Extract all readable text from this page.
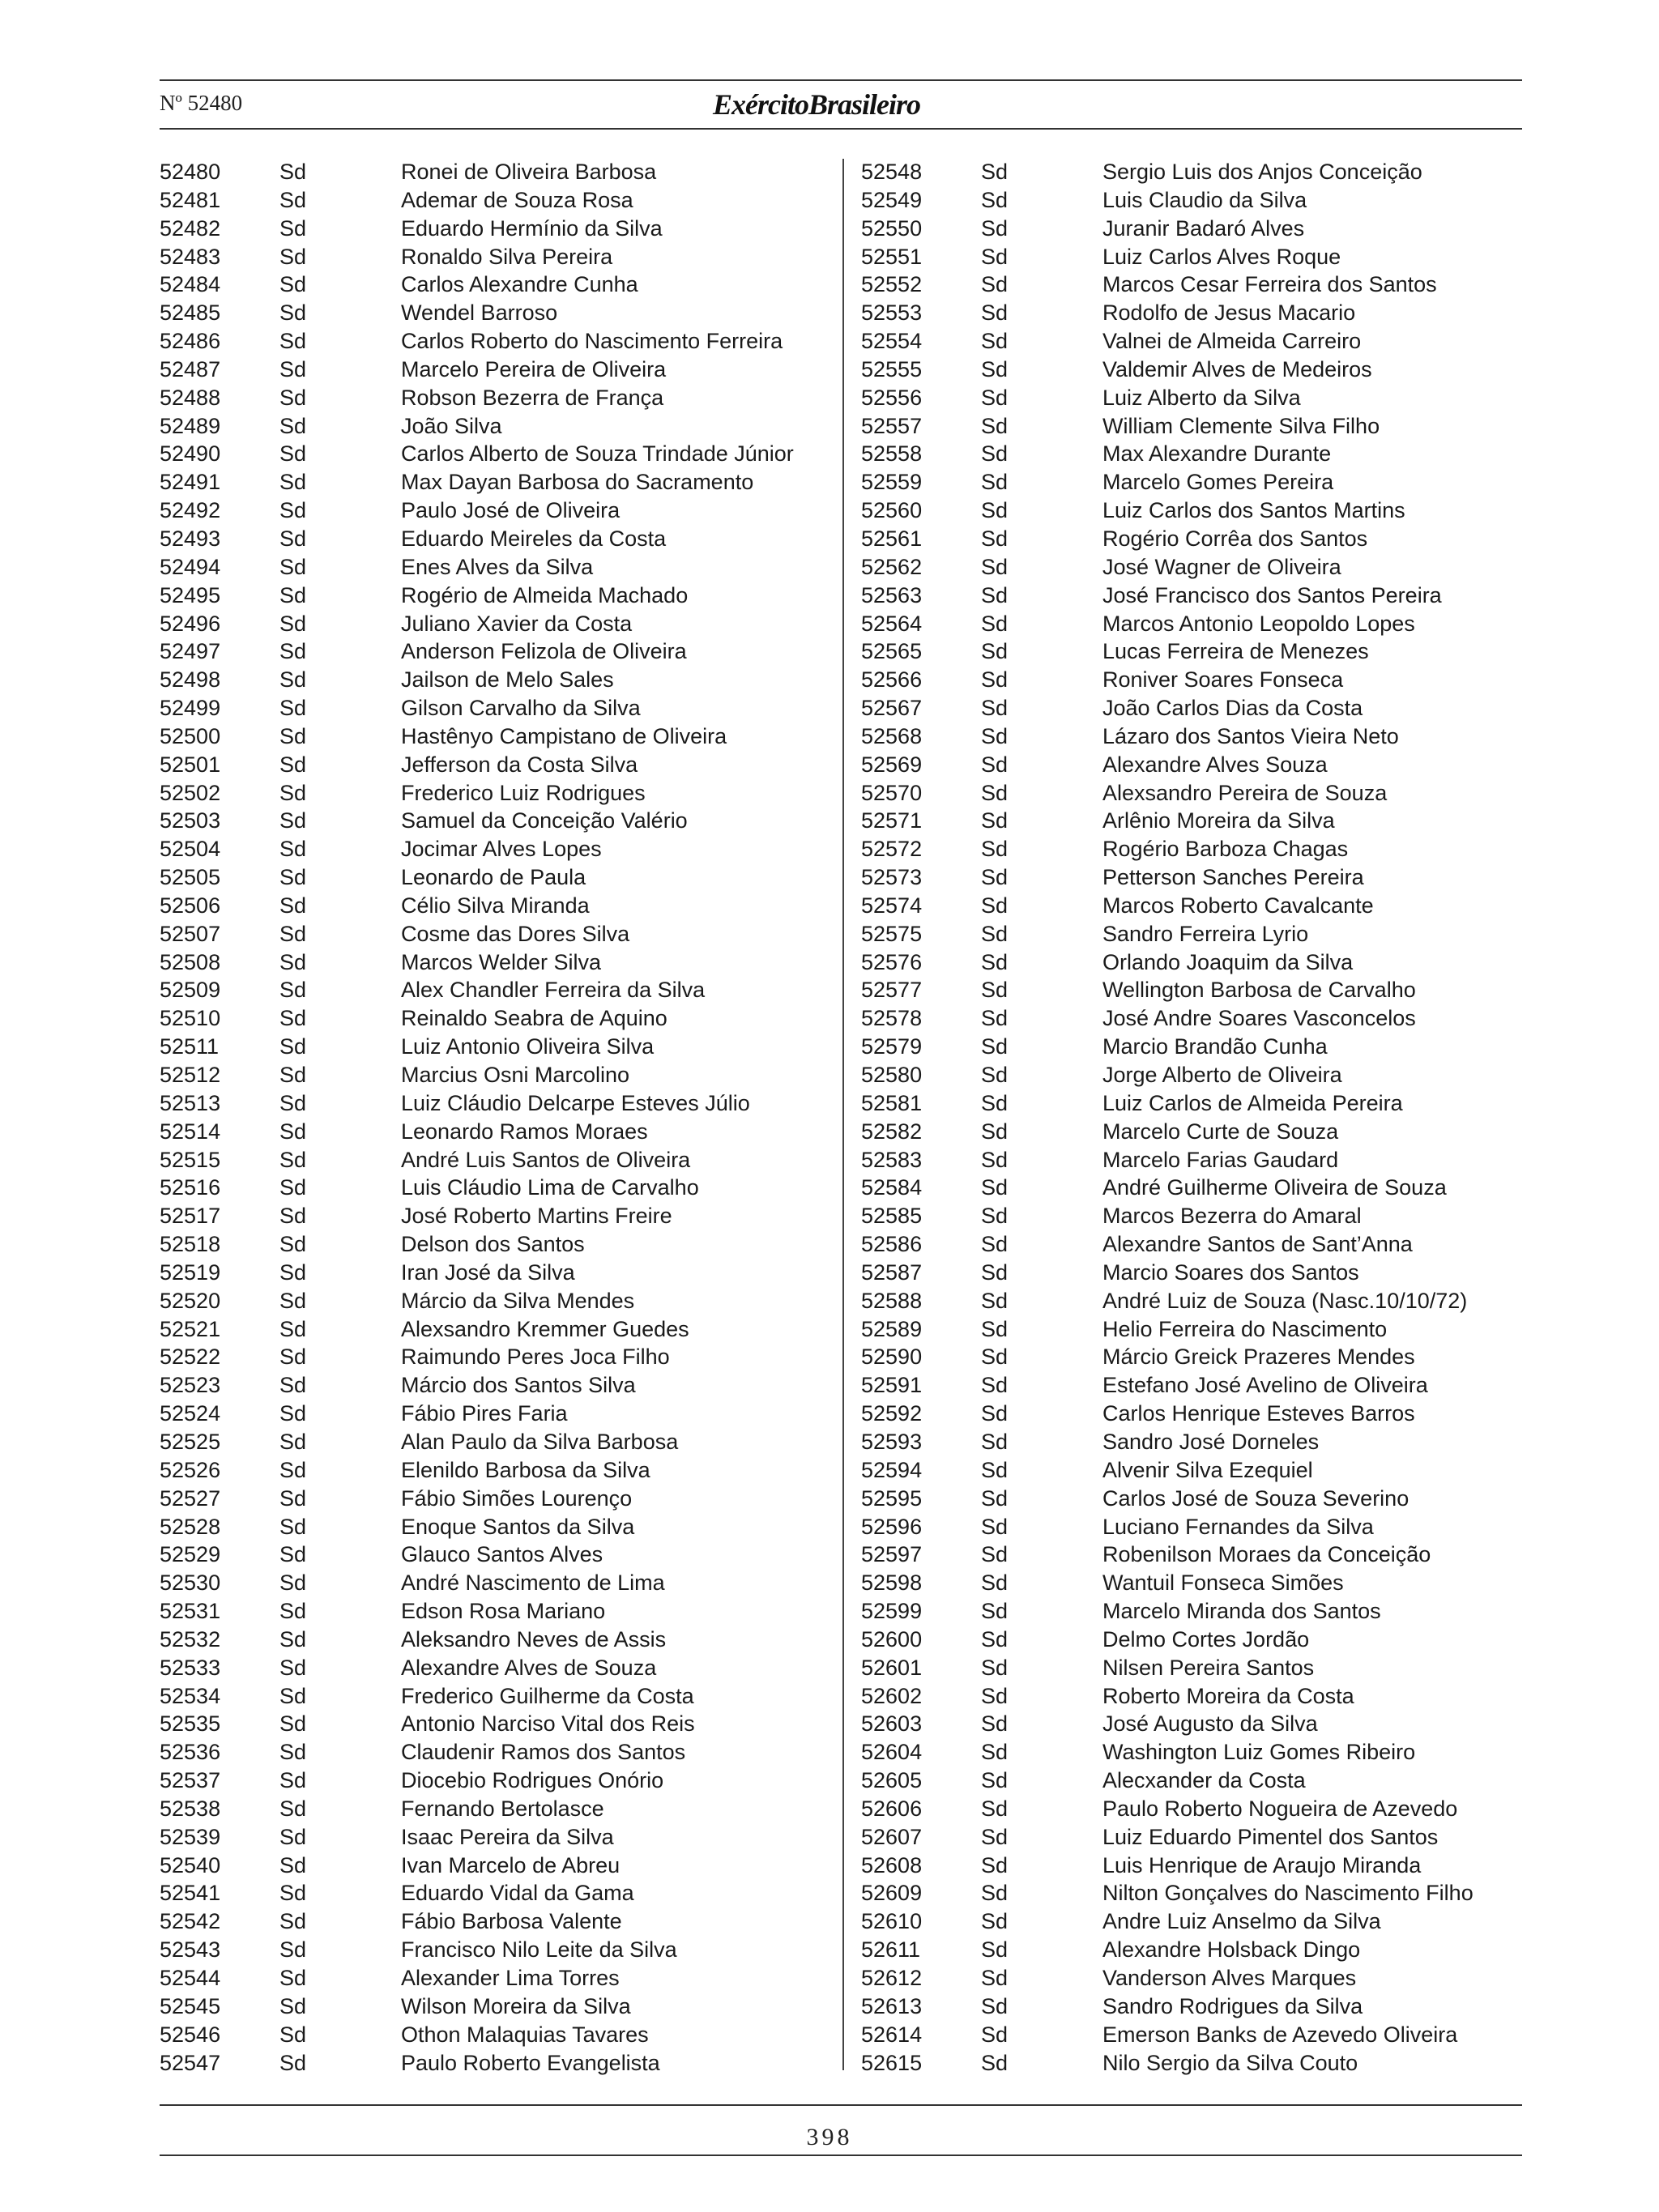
Nº 52480	ExércitoBrasileiro
52480	Sd	Ronei de Oliveira Barbosa
52481	Sd	Ademar de Souza Rosa
52482	Sd	Eduardo Hermínio da Silva
52483	Sd	Ronaldo Silva Pereira
52484	Sd	Carlos Alexandre Cunha
52485	Sd	Wendel Barroso
52486	Sd	Carlos Roberto do Nascimento Ferreira
52487	Sd	Marcelo Pereira de Oliveira
52488	Sd	Robson Bezerra de França
52489	Sd	João Silva
52490	Sd	Carlos Alberto de Souza Trindade Júnior
52491	Sd	Max Dayan Barbosa do Sacramento
52492	Sd	Paulo José de Oliveira
52493	Sd	Eduardo Meireles da Costa
52494	Sd	Enes Alves da Silva
52495	Sd	Rogério de Almeida Machado
52496	Sd	Juliano Xavier da Costa
52497	Sd	Anderson Felizola de Oliveira
52498	Sd	Jailson de Melo Sales
52499	Sd	Gilson Carvalho da Silva
52500	Sd	Hastênyo Campistano de Oliveira
52501	Sd	Jefferson da Costa Silva
52502	Sd	Frederico Luiz Rodrigues
52503	Sd	Samuel da Conceição Valério
52504	Sd	Jocimar Alves Lopes
52505	Sd	Leonardo de Paula
52506	Sd	Célio Silva Miranda
52507	Sd	Cosme das Dores Silva
52508	Sd	Marcos Welder Silva
52509	Sd	Alex Chandler Ferreira da Silva
52510	Sd	Reinaldo Seabra de Aquino
52511	Sd	Luiz Antonio Oliveira Silva
52512	Sd	Marcius Osni Marcolino
52513	Sd	Luiz Cláudio Delcarpe Esteves Júlio
52514	Sd	Leonardo Ramos Moraes
52515	Sd	André Luis Santos de Oliveira
52516	Sd	Luis Cláudio Lima de Carvalho
52517	Sd	José Roberto Martins Freire
52518	Sd	Delson dos Santos
52519	Sd	Iran José da Silva
52520	Sd	Márcio da Silva Mendes
52521	Sd	Alexsandro Kremmer Guedes
52522	Sd	Raimundo Peres Joca Filho
52523	Sd	Márcio dos Santos Silva
52524	Sd	Fábio Pires Faria
52525	Sd	Alan Paulo da Silva Barbosa
52526	Sd	Elenildo Barbosa da Silva
52527	Sd	Fábio Simões Lourenço
52528	Sd	Enoque Santos da Silva
52529	Sd	Glauco Santos Alves
52530	Sd	André Nascimento de Lima
52531	Sd	Edson Rosa Mariano
52532	Sd	Aleksandro Neves de Assis
52533	Sd	Alexandre Alves de Souza
52534	Sd	Frederico Guilherme da Costa
52535	Sd	Antonio Narciso Vital dos Reis
52536	Sd	Claudenir Ramos dos Santos
52537	Sd	Diocebio Rodrigues Onório
52538	Sd	Fernando Bertolasce
52539	Sd	Isaac Pereira da Silva
52540	Sd	Ivan Marcelo de Abreu
52541	Sd	Eduardo Vidal da Gama
52542	Sd	Fábio Barbosa Valente
52543	Sd	Francisco Nilo Leite da Silva
52544	Sd	Alexander Lima Torres
52545	Sd	Wilson Moreira da Silva
52546	Sd	Othon Malaquias Tavares
52547	Sd	Paulo Roberto Evangelista
52548	Sd	Sergio Luis dos Anjos Conceição
52549	Sd	Luis Claudio da Silva
52550	Sd	Juranir Badaró Alves
52551	Sd	Luiz Carlos Alves Roque
52552	Sd	Marcos Cesar Ferreira dos Santos
52553	Sd	Rodolfo de Jesus Macario
52554	Sd	Valnei de Almeida Carreiro
52555	Sd	Valdemir Alves de Medeiros
52556	Sd	Luiz Alberto da Silva
52557	Sd	William Clemente Silva Filho
52558	Sd	Max Alexandre Durante
52559	Sd	Marcelo Gomes Pereira
52560	Sd	Luiz Carlos dos Santos Martins
52561	Sd	Rogério Corrêa dos Santos
52562	Sd	José Wagner de Oliveira
52563	Sd	José Francisco dos Santos Pereira
52564	Sd	Marcos Antonio Leopoldo Lopes
52565	Sd	Lucas Ferreira de Menezes
52566	Sd	Roniver Soares Fonseca
52567	Sd	João Carlos Dias da Costa
52568	Sd	Lázaro dos Santos Vieira Neto
52569	Sd	Alexandre Alves Souza
52570	Sd	Alexsandro Pereira de Souza
52571	Sd	Arlênio Moreira da Silva
52572	Sd	Rogério Barboza Chagas
52573	Sd	Petterson Sanches Pereira
52574	Sd	Marcos Roberto Cavalcante
52575	Sd	Sandro Ferreira Lyrio
52576	Sd	Orlando Joaquim da Silva
52577	Sd	Wellington Barbosa de Carvalho
52578	Sd	José Andre Soares Vasconcelos
52579	Sd	Marcio Brandão Cunha
52580	Sd	Jorge Alberto de Oliveira
52581	Sd	Luiz Carlos de Almeida Pereira
52582	Sd	Marcelo Curte de Souza
52583	Sd	Marcelo Farias Gaudard
52584	Sd	André Guilherme Oliveira de Souza
52585	Sd	Marcos Bezerra do Amaral
52586	Sd	Alexandre Santos de Sant’Anna
52587	Sd	Marcio Soares dos Santos
52588	Sd	André Luiz de Souza (Nasc.10/10/72)
52589	Sd	Helio Ferreira do Nascimento
52590	Sd	Márcio Greick Prazeres Mendes
52591	Sd	Estefano José Avelino de Oliveira
52592	Sd	Carlos Henrique Esteves Barros
52593	Sd	Sandro José Dorneles
52594	Sd	Alvenir Silva Ezequiel
52595	Sd	Carlos José de Souza Severino
52596	Sd	Luciano Fernandes da Silva
52597	Sd	Robenilson Moraes da Conceição
52598	Sd	Wantuil Fonseca Simões
52599	Sd	Marcelo Miranda dos Santos
52600	Sd	Delmo Cortes Jordão
52601	Sd	Nilsen Pereira Santos
52602	Sd	Roberto Moreira da Costa
52603	Sd	José Augusto da Silva
52604	Sd	Washington Luiz Gomes Ribeiro
52605	Sd	Alecxander da Costa
52606	Sd	Paulo Roberto Nogueira de Azevedo
52607	Sd	Luiz Eduardo Pimentel dos Santos
52608	Sd	Luis Henrique de Araujo Miranda
52609	Sd	Nilton Gonçalves do Nascimento Filho
52610	Sd	Andre Luiz Anselmo da Silva
52611	Sd	Alexandre Holsback Dingo
52612	Sd	Vanderson Alves Marques
52613	Sd	Sandro Rodrigues da Silva
52614	Sd	Emerson Banks de Azevedo Oliveira
52615	Sd	Nilo Sergio da Silva Couto
398
